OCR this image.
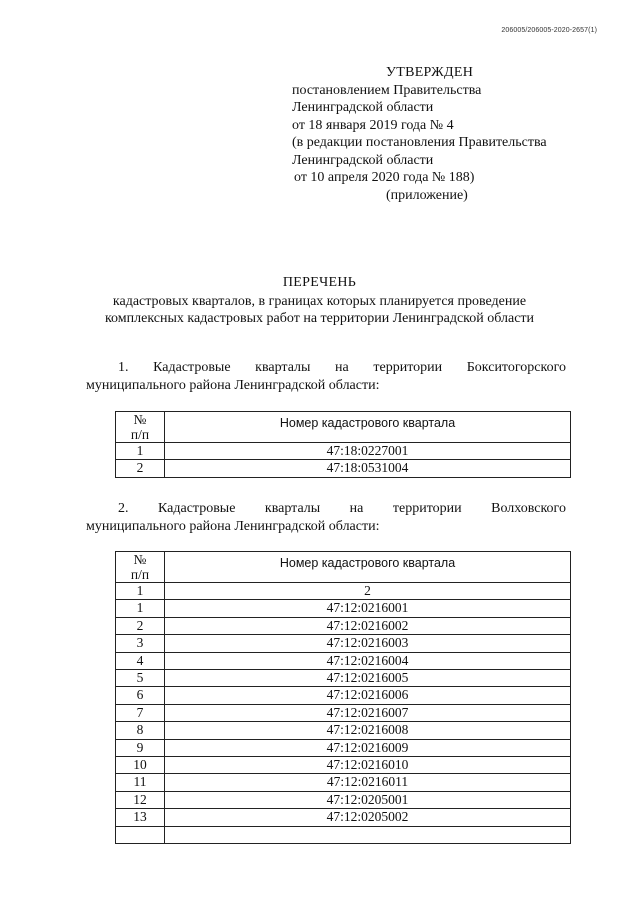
206005/206005-2020-2657(1)
УТВЕРЖДЕН
постановлением Правительства
Ленинградской области
от 18 января 2019 года № 4
(в редакции постановления Правительства
Ленинградской области
от 10 апреля 2020 года № 188)
(приложение)
ПЕРЕЧЕНЬ
кадастровых кварталов, в границах которых планируется проведение
комплексных кадастровых работ на территории Ленинградской области
1. Кадастровые кварталы на территории Бокситогорского
муниципального района Ленинградской области:
№
п/п	Номер кадастрового квартала
1	47:18:0227001
2	47:18:0531004
2. Кадастровые кварталы на территории Волховского
муниципального района Ленинградской области:
№
п/п	Номер кадастрового квартала
1	2
1	47:12:0216001
2	47:12:0216002
3	47:12:0216003
4	47:12:0216004
5	47:12:0216005
6	47:12:0216006
7	47:12:0216007
8	47:12:0216008
9	47:12:0216009
10	47:12:0216010
11	47:12:0216011
12	47:12:0205001
13	47:12:0205002
